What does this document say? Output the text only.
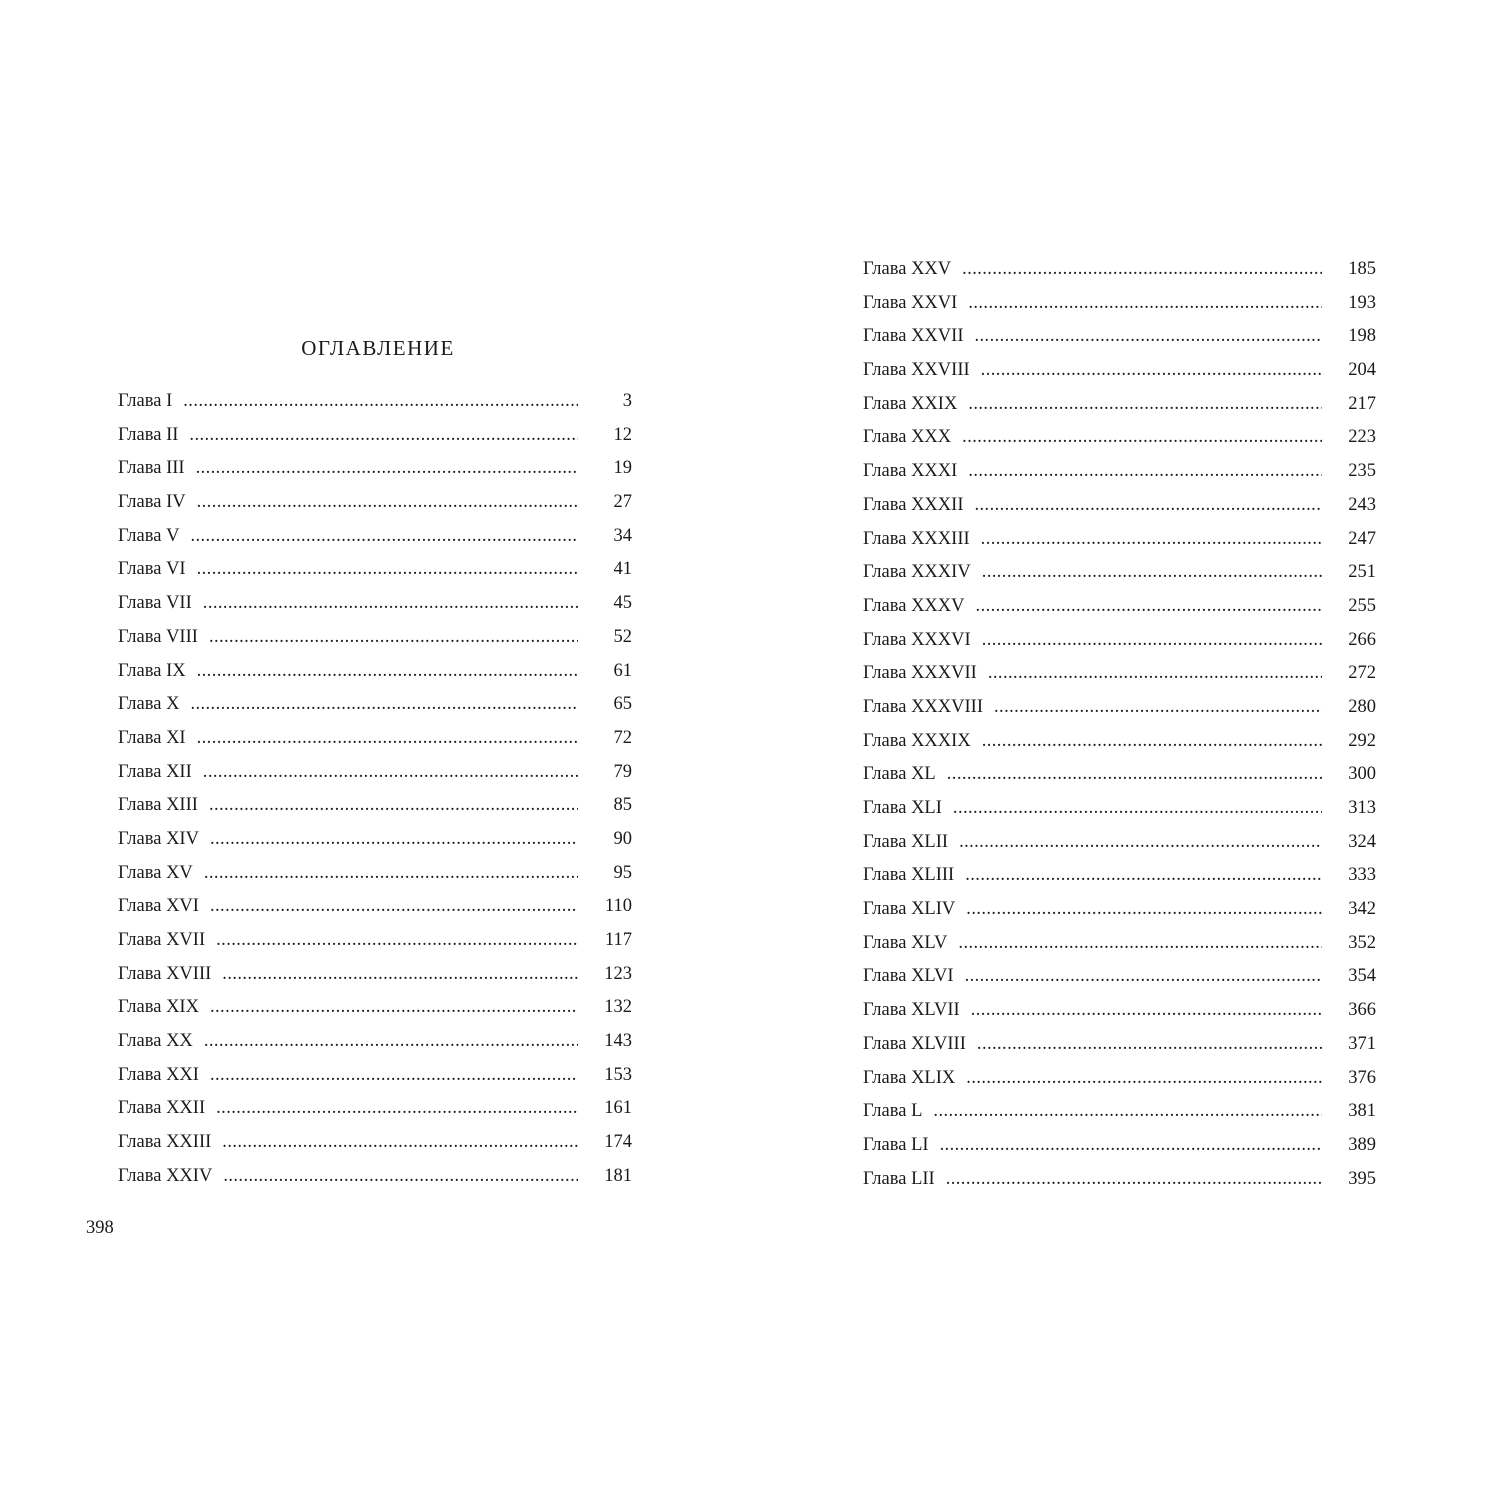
ОГЛАВЛЕНИЕ
Глава I .....	3
Глава II .....	12
Глава III .....	19
Глава IV .....	27
Глава V .....	34
Глава VI .....	41
Глава VII .....	45
Глава VIII .....	52
Глава IX .....	61
Глава X .....	65
Глава XI .....	72
Глава XII .....	79
Глава XIII .....	85
Глава XIV .....	90
Глава XV .....	95
Глава XVI .....	110
Глава XVII .....	117
Глава XVIII .....	123
Глава XIX .....	132
Глава XX .....	143
Глава XXI .....	153
Глава XXII .....	161
Глава XXIII .....	174
Глава XXIV .....	181
Глава XXV .....	185
Глава XXVI .....	193
Глава XXVII .....	198
Глава XXVIII .....	204
Глава XXIX .....	217
Глава XXX .....	223
Глава XXXI .....	235
Глава XXXII .....	243
Глава XXXIII .....	247
Глава XXXIV .....	251
Глава XXXV .....	255
Глава XXXVI .....	266
Глава XXXVII .....	272
Глава XXXVIII .....	280
Глава XXXIX .....	292
Глава XL .....	300
Глава XLI .....	313
Глава XLII .....	324
Глава XLIII .....	333
Глава XLIV .....	342
Глава XLV .....	352
Глава XLVI .....	354
Глава XLVII .....	366
Глава XLVIII .....	371
Глава XLIX .....	376
Глава L .....	381
Глава LI .....	389
Глава LII .....	395
398
